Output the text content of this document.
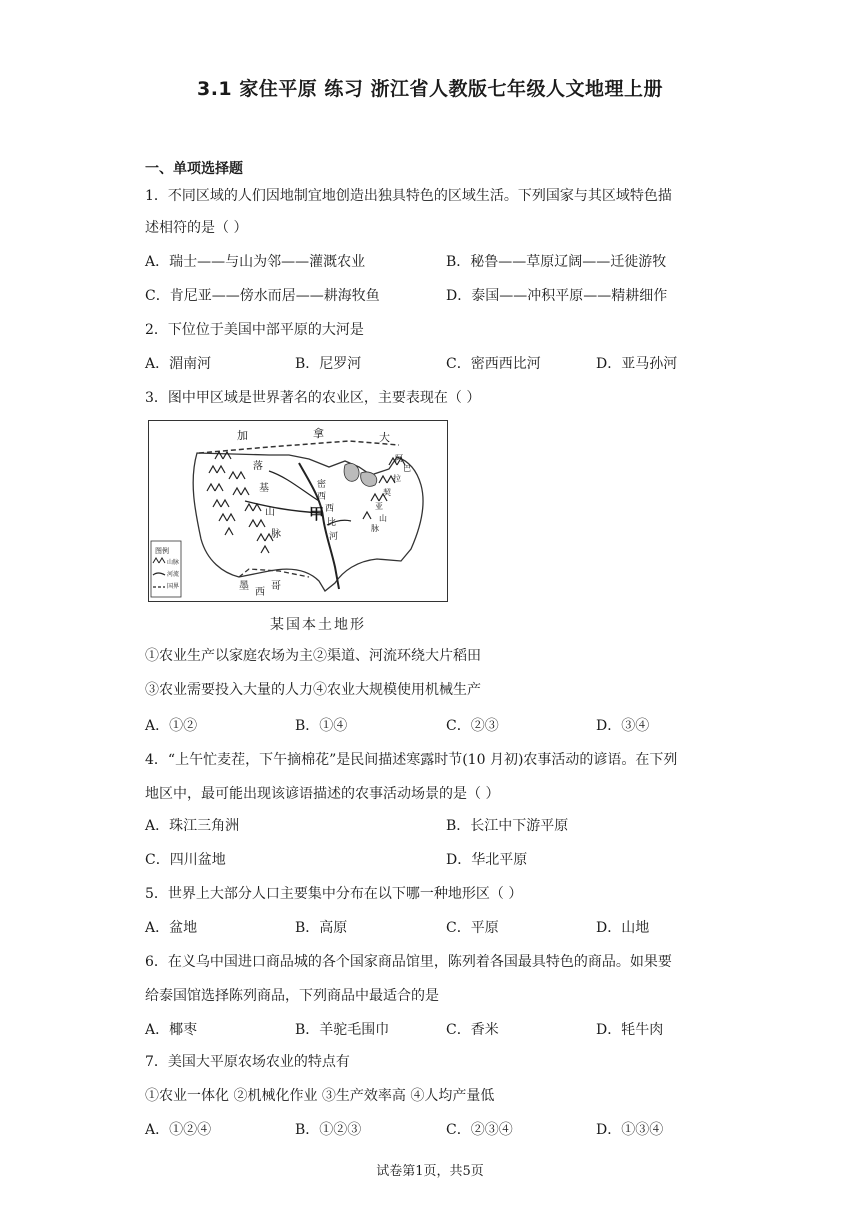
3.1 家住平原 练习 浙江省人教版七年级人文地理上册
一、单项选择题
1．不同区域的人们因地制宜地创造出独具特色的区域生活。下列国家与其区域特色描
述相符的是（ ）
A．瑞士——与山为邻——灌溉农业	B．秘鲁——草原辽阔——迁徙游牧
C．肯尼亚——傍水而居——耕海牧鱼	D．泰国——冲积平原——精耕细作
2．下位位于美国中部平原的大河是
A．湄南河	B．尼罗河	C．密西西比河	D．亚马孙河
3．图中甲区域是世界著名的农业区，主要表现在（ ）
加	拿	大
落
基
山
脉
密
西
西
比
河
甲
阿
巴
拉
契
亚
山
脉
墨
西
哥
图例
山脉
河流
国界
某国本土地形
①农业生产以家庭农场为主②渠道、河流环绕大片稻田
③农业需要投入大量的人力④农业大规模使用机械生产
A．①②	B．①④	C．②③	D．③④
4．“上午忙麦茬，下午摘棉花”是民间描述寒露时节(10 月初)农事活动的谚语。在下列
地区中，最可能出现该谚语描述的农事活动场景的是（ ）
A．珠江三角洲	B．长江中下游平原
C．四川盆地	D．华北平原
5．世界上大部分人口主要集中分布在以下哪一种地形区（ ）
A．盆地	B．高原	C．平原	D．山地
6．在义乌中国进口商品城的各个国家商品馆里，陈列着各国最具特色的商品。如果要
给泰国馆选择陈列商品，下列商品中最适合的是
A．椰枣	B．羊驼毛围巾	C．香米	D．牦牛肉
7．美国大平原农场农业的特点有
①农业一体化 ②机械化作业 ③生产效率高 ④人均产量低
A．①②④	B．①②③	C．②③④	D．①③④
试卷第1页，共5页
